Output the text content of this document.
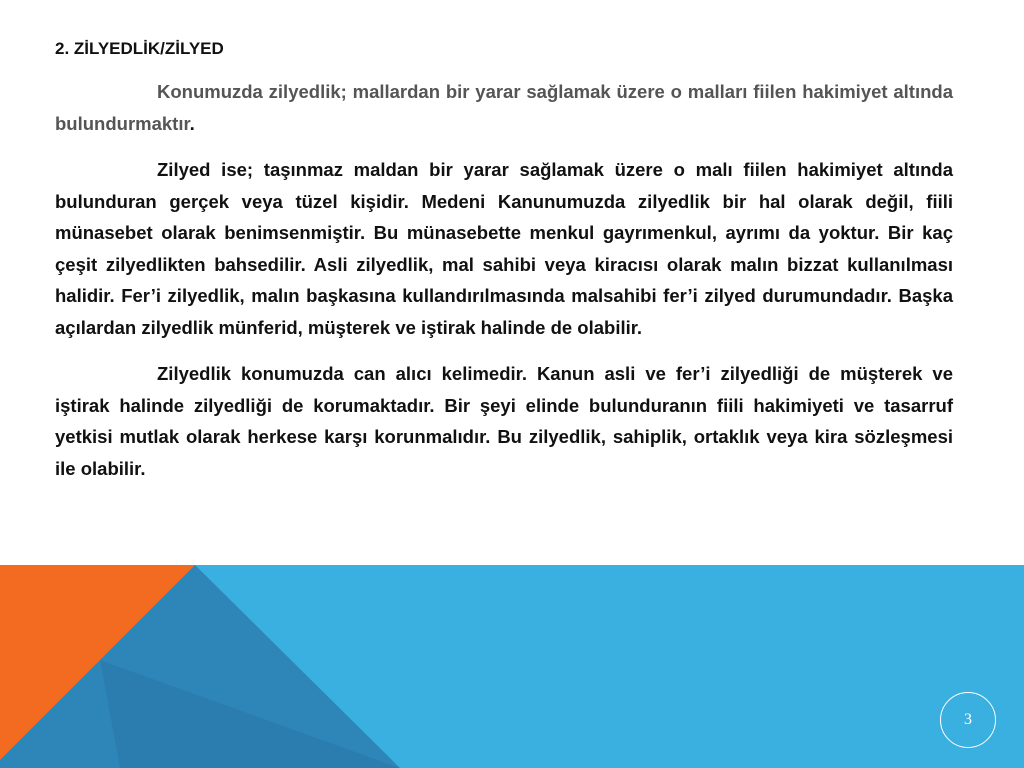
2. ZİLYEDLİK/ZİLYED

Konumuzda zilyedlik; mallardan bir yarar sağlamak üzere o malları fiilen hakimiyet altında bulundurmaktır.

Zilyed ise; taşınmaz maldan bir yarar sağlamak üzere o malı fiilen hakimiyet altında bulunduran gerçek veya tüzel kişidir. Medeni Kanunumuzda zilyedlik bir hal olarak değil, fiili münasebet olarak benimsenmiştir. Bu münasebette menkul gayrımenkul, ayrımı da yoktur. Bir kaç çeşit zilyedlikten bahsedilir. Asli zilyedlik, mal sahibi veya kiracısı olarak malın bizzat kullanılması halidir. Fer’i zilyedlik, malın başkasına kullandırılmasında malsahibi fer’i zilyed durumundadır. Başka açılardan zilyedlik münferid, müşterek ve iştirak halinde de olabilir.

Zilyedlik konumuzda can alıcı kelimedir. Kanun asli ve fer’i zilyedliği de müşterek ve iştirak halinde zilyedliği de korumaktadır. Bir şeyi elinde bulunduranın fiili hakimiyeti ve tasarruf yetkisi mutlak olarak herkese karşı korunmalıdır. Bu zilyedlik, sahiplik, ortaklık veya kira sözleşmesi ile olabilir.

3
